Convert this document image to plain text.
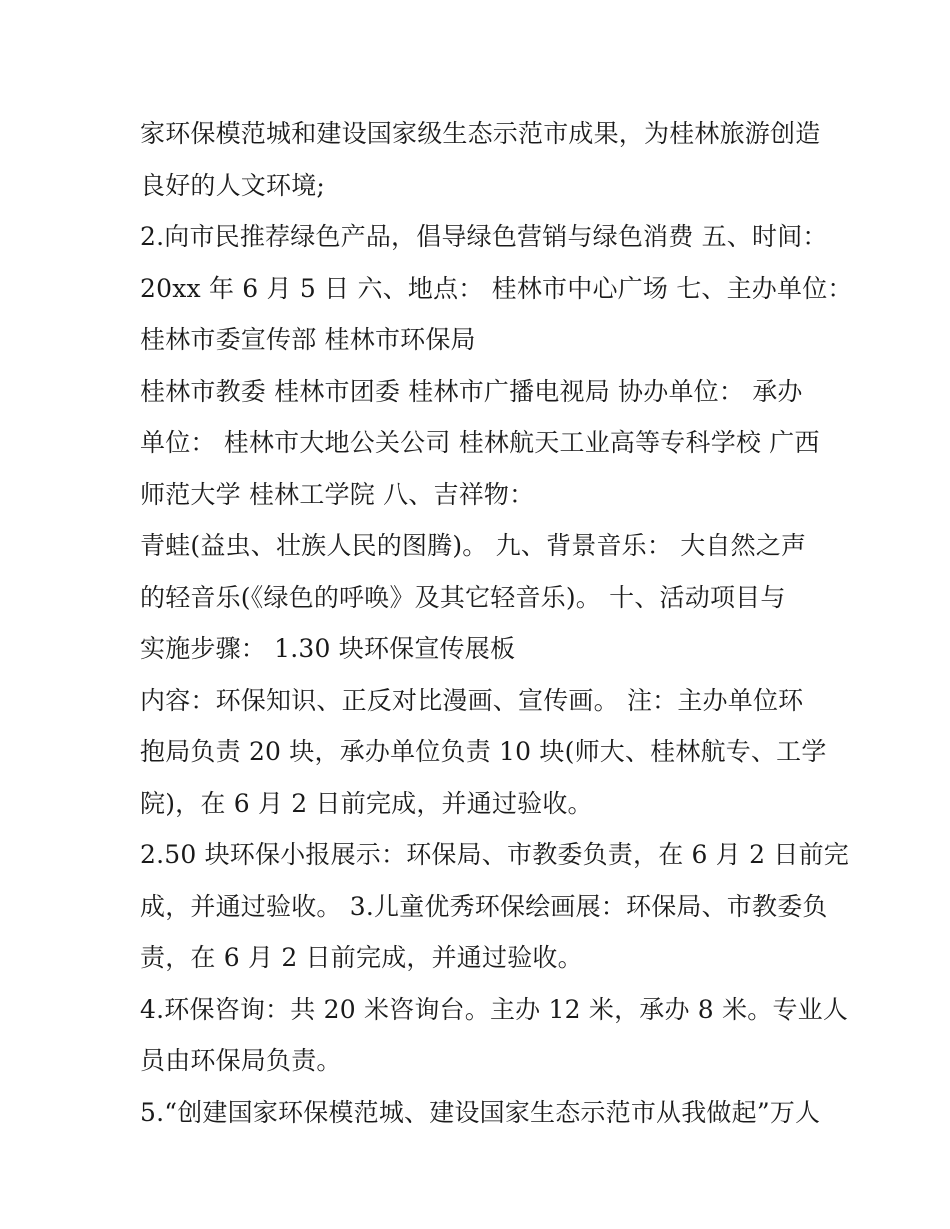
家环保模范城和建设国家级生态示范市成果，为桂林旅游创造
良好的人文环境;
2.向市民推荐绿色产品，倡导绿色营销与绿色消费 五、时间：
20xx 年 6 月 5 日 六、地点： 桂林市中心广场 七、主办单位：
桂林市委宣传部 桂林市环保局
桂林市教委 桂林市团委 桂林市广播电视局 协办单位： 承办
单位： 桂林市大地公关公司 桂林航天工业高等专科学校 广西
师范大学 桂林工学院 八、吉祥物：
青蛙(益虫、壮族人民的图腾)。 九、背景音乐： 大自然之声
的轻音乐(《绿色的呼唤》及其它轻音乐)。 十、活动项目与
实施步骤： 1.30 块环保宣传展板
内容：环保知识、正反对比漫画、宣传画。 注：主办单位环
抱局负责 20 块，承办单位负责 10 块(师大、桂林航专、工学
院)，在 6 月 2 日前完成，并通过验收。
2.50 块环保小报展示：环保局、市教委负责，在 6 月 2 日前完
成，并通过验收。 3.儿童优秀环保绘画展：环保局、市教委负
责，在 6 月 2 日前完成，并通过验收。
4.环保咨询：共 20 米咨询台。主办 12 米，承办 8 米。专业人
员由环保局负责。
5.“创建国家环保模范城、建设国家生态示范市从我做起”万人
